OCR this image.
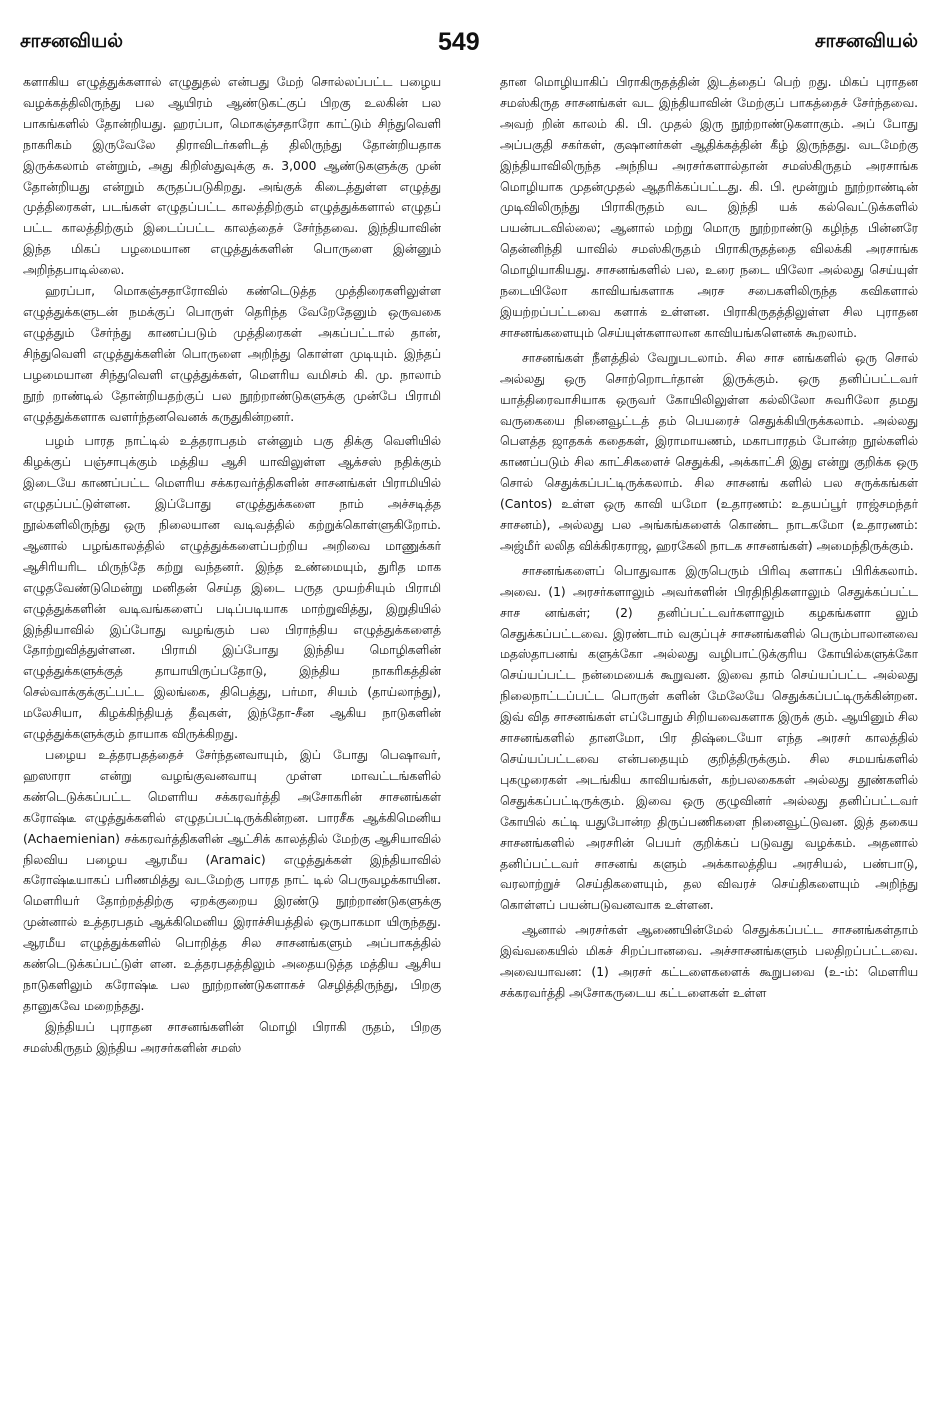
சாசனவியல்	549	சாசனவியல்

களாகிய எழுத்துக்களால் எழுதுதல் என்பது மேற் சொல்லப்பட்ட பழைய வழக்கத்திலிருந்து பல ஆயிரம் ஆண்டுகட்குப் பிறகு உலகின் பல பாகங்களில் தோன்றியது. ஹரப்பா, மொகஞ்சதாரோ காட்டும் சிந்துவெளி நாகரிகம் இருவேலே திராவிடர்களிடத் திலிருந்து தோன்றியதாக இருக்கலாம் என்றும், அது கிறிஸ்துவுக்கு சு. 3,000 ஆண்டுகளுக்கு முன் தோன்றியது என்றும் கருதப்படுகிறது. அங்குக் கிடைத்துள்ள எழுத்து முத்திரைகள், படங்கள் எழுதப்பட்ட காலத்திற்கும் எழுத்துக்களால் எழுதப் பட்ட காலத்திற்கும் இடைப்பட்ட காலத்தைச் சேர்ந்தவை. இந்தியாவின் இந்த மிகப் பழமையான எழுத்துக்களின் பொருளை இன்னும் அறிந்தபாடில்லை.

ஹரப்பா, மொகஞ்சதாரோவில் கண்டெடுத்த முத்திரைகளிலுள்ள எழுத்துக்களுடன் நமக்குப் பொருள் தெரிந்த வேறேதேனும் ஒருவகை எழுத்தும் சேர்ந்து காணப்படும் முத்திரைகள் அகப்பட்டால் தான், சிந்துவெளி எழுத்துக்களின் பொருளை அறிந்து கொள்ள முடியும். இந்தப் பழமையான சிந்துவெளி எழுத்துக்கள், மௌரிய வமிசம் கி. மு. நாலாம் நூற் றாண்டில் தோன்றியதற்குப் பல நூற்றாண்டுகளுக்கு முன்பே பிராமி எழுத்துக்களாக வளர்ந்தனவெனக் கருதுகின்றனர்.

பழம் பாரத நாட்டில் உத்தராபதம் என்னும் பகு திக்கு வெளியில் கிழக்குப் பஞ்சாபுக்கும் மத்திய ஆசி யாவிலுள்ள ஆக்சஸ் நதிக்கும் இடையே காணப்பட்ட மௌரிய சக்கரவர்த்திகளின் சாசனங்கள் பிராமியில் எழுதப்பட்டுள்ளன. இப்போது எழுத்துக்களை நாம் அச்சடித்த நூல்களிலிருந்து ஒரு நிலையான வடிவத்தில் கற்றுக்கொள்ளுகிறோம். ஆனால் பழங்காலத்தில் எழுத்துக்களைப்பற்றிய அறிவை மாணுக்கர் ஆசிரியரிட மிருந்தே கற்று வந்தனர். இந்த உண்மையும், துரித மாக எழுதவேண்டுமென்று மனிதன் செய்த இடை பருத முயற்சியும் பிராமி எழுத்துக்களின் வடிவங்களைப் படிப்படியாக மாற்றுவித்து, இறுதியில் இந்தியாவில் இப்போது வழங்கும் பல பிராந்திய எழுத்துக்களைத் தோற்றுவித்துள்ளன. பிராமி இப்போது இந்திய மொழிகளின் எழுத்துக்களுக்குத் தாயாயிருப்பதோடு, இந்திய நாகரிகத்தின் செல்வாக்குக்குட்பட்ட இலங்கை, திபெத்து, பர்மா, சியம் (தாய்லாந்து), மலேசியா, கிழக்கிந்தியத் தீவுகள், இந்தோ-சீன ஆகிய நாடுகளின் எழுத்துக்களுக்கும் தாயாக விருக்கிறது.

பழைய உத்தரபதத்தைச் சேர்ந்தனவாயும், இப் போது பெஷாவர், ஹஸாரா என்று வழங்குவனவாயு முள்ள மாவட்டங்களில் கண்டெடுக்கப்பட்ட மௌரிய சக்கரவர்த்தி அசோகரின் சாசனங்கள் கரோஷ்டீ எழுத்துக்களில் எழுதப்பட்டிருக்கின்றன. பாரசீக ஆக்கிமெனிய (Achaemienian) சக்கரவர்த்திகளின் ஆட்சிக் காலத்தில் மேற்கு ஆசியாவில் நிலவிய பழைய ஆரமீய (Aramaic) எழுத்துக்கள் இந்தியாவில் கரோஷ்டீயாகப் பரிணமித்து வடமேற்கு பாரத நாட் டில் பெருவழக்காயின. மௌரியர் தோற்றத்திற்கு ஏறக்குறைய இரண்டு நூற்றாண்டுகளுக்கு முன்னால் உத்தரபதம் ஆக்கிமெனிய இராச்சியத்தில் ஒருபாகமா யிருந்தது. ஆரமீய எழுத்துக்களில் பொறித்த சில சாசனங்களும் அப்பாகத்தில் கண்டெடுக்கப்பட்டுள் ளன. உத்தரபதத்திலும் அதையடுத்த மத்திய ஆசிய நாடுகளிலும் கரோஷ்டீ பல நூற்றாண்டுகளாகச் செழித்திருந்து, பிறகு தானுகவே மறைந்தது.

இந்தியப் புராதன சாசனங்களின் மொழி பிராகி ருதம், பிறகு சமஸ்கிருதம் இந்திய அரசர்களின் சமஸ்

தான மொழியாகிப் பிராகிருதத்தின் இடத்தைப் பெற் றது. மிகப் புராதன சமஸ்கிருத சாசனங்கள் வட இந்தியாவின் மேற்குப் பாகத்தைச் சேர்ந்தவை. அவற் றின் காலம் கி. பி. முதல் இரு நூற்றாண்டுகளாகும். அப் போது அப்பகுதி சகர்கள், குஷானர்கள் ஆதிக்கத்தின் கீழ் இருந்தது. வடமேற்கு இந்தியாவிலிருந்த அந்நிய அரசர்களால்தான் சமஸ்கிருதம் அரசாங்க மொழியாக முதன்முதல் ஆதரிக்கப்பட்டது. கி. பி. மூன்றும் நூற்றாண்டின் முடிவிலிருந்து பிராகிருதம் வட இந்தி யக் கல்வெட்டுக்களில் பயன்படவில்லை; ஆனால் மற்று மொரு நூற்றாண்டு கழிந்த பின்னரே தென்னிந்தி யாவில் சமஸ்கிருதம் பிராகிருதத்தை விலக்கி அரசாங்க மொழியாகியது. சாசனங்களில் பல, உரை நடை யிலோ அல்லது செய்யுள் நடையிலோ காவியங்களாக அரச சபைகளிலிருந்த கவிகளால் இயற்றப்பட்டவை களாக் உள்ளன. பிராகிருதத்திலுள்ள சில புராதன சாசனங்களையும் செய்யுள்களாலான காவியங்களெனக் கூறலாம்.

சாசனங்கள் நீளத்தில் வேறுபடலாம். சில சாச னங்களில் ஒரு சொல் அல்லது ஒரு சொற்றொடர்தான் இருக்கும். ஒரு தனிப்பட்டவர் யாத்திரைவாசியாக ஒருவர் கோயிலிலுள்ள கல்லிலோ சுவரிலோ தமது வருகையை நினைவூட்டத் தம் பெயரைச் செதுக்கியிருக்கலாம். அல்லது பௌத்த ஜாதகக் கதைகள், இராமாயணம், மகாபாரதம் போன்ற நூல்களில் காணப்படும் சில காட்சிகளைச் செதுக்கி, அக்காட்சி இது என்று குறிக்க ஒரு சொல் செதுக்கப்பட்டிருக்கலாம். சில சாசனங் களில் பல சருக்கங்கள் (Cantos) உள்ள ஒரு காவி யமோ (உதாரணம்: உதயப்பூர் ராஜ்சமந்தர் சாசனம்), அல்லது பல அங்கங்களைக் கொண்ட நாடகமோ (உதாரணம்: அஜ்மீர் லலித விக்கிரகராஜ, ஹரகேலி நாடக சாசனங்கள்) அமைந்திருக்கும்.

சாசனங்களைப் பொதுவாக இருபெரும் பிரிவு களாகப் பிரிக்கலாம். அவை. (1) அரசர்களாலும் அவர்களின் பிரதிநிதிகளாலும் செதுக்கப்பட்ட சாச னங்கள்; (2) தனிப்பட்டவர்களாலும் கழகங்களா லும் செதுக்கப்பட்டவை. இரண்டாம் வகுப்புச் சாசனங்களில் பெரும்பாலானவை மதஸ்தாபனங் களுக்கோ அல்லது வழிபாட்டுக்குரிய கோயில்களுக்கோ செய்யப்பட்ட நன்மையைக் கூறுவன. இவை தாம் செய்யப்பட்ட அல்லது நிலைநாட்டப்பட்ட பொருள் களின் மேலேயே செதுக்கப்பட்டிருக்கின்றன. இவ் வித சாசனங்கள் எப்போதும் சிறியவைகளாக இருக் கும். ஆயினும் சில சாசனங்களில் தானமோ, பிர திஷ்டையோ எந்த அரசர் காலத்தில் செய்யப்பட்டவை என்பதையும் குறித்திருக்கும். சில சமயங்களில் புகழுரைகள் அடங்கிய காவியங்கள், கற்பலகைகள் அல்லது தூண்களில் செதுக்கப்பட்டிருக்கும். இவை ஒரு குழுவினர் அல்லது தனிப்பட்டவர் கோயில் கட்டி யதுபோன்ற திருப்பணிகளை நினைவூட்டுவன. இத் தகைய சாசனங்களில் அரசரின் பெயர் குறிக்கப் படுவது வழக்கம். அதனால் தனிப்பட்டவர் சாசனங் களும் அக்காலத்திய அரசியல், பண்பாடு, வரலாற்றுச் செய்திகளையும், தல விவரச் செய்திகளையும் அறிந்து கொள்ளப் பயன்படுவனவாக உள்ளன.

ஆனால் அரசர்கள் ஆணையின்மேல் செதுக்கப்பட்ட சாசனங்கள்தாம் இவ்வகையில் மிகச் சிறப்பானவை. அச்சாசனங்களும் பலதிறப்பட்டவை. அவையாவன: (1) அரசர் கட்டளைகளைக் கூறுபவை (உ-ம்: மௌரிய சக்கரவர்த்தி அசோகருடைய கட்டளைகள் உள்ள
